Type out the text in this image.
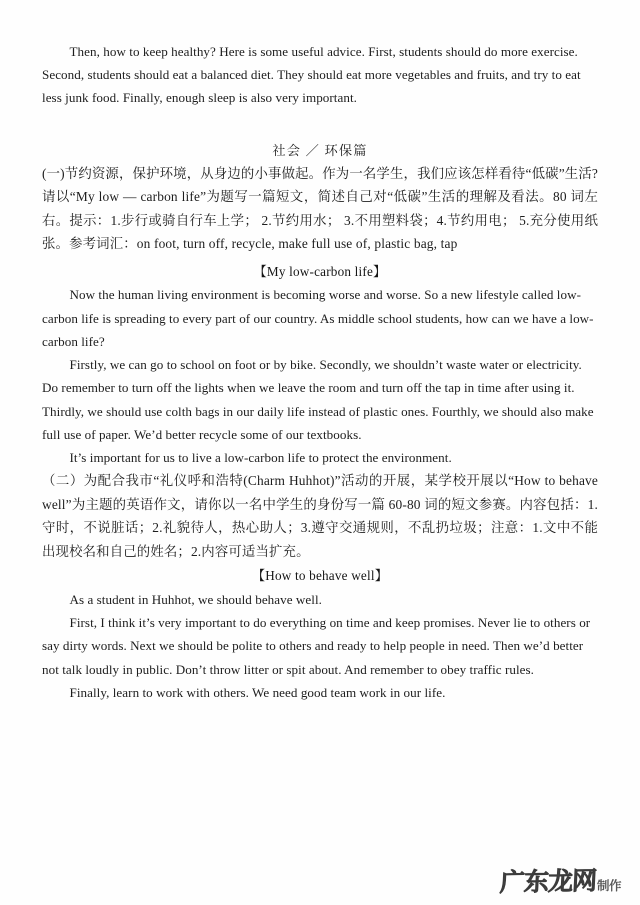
Then, how to keep healthy? Here is some useful advice. First, students should do more exercise. Second, students should eat a balanced diet. They should eat more vegetables and fruits, and try to eat less junk food. Finally, enough sleep is also very important.

社会 ／ 环保篇

(一)节约资源，保护环境，从身边的小事做起。作为一名学生，我们应该怎样看待“低碳”生活?请以“My low — carbon life”为题写一篇短文，简述自己对“低碳”生活的理解及看法。80 词左右。提示：1.步行或骑自行车上学； 2.节约用水； 3.不用塑料袋；4.节约用电； 5.充分使用纸张。参考词汇：on foot, turn off, recycle, make full use of, plastic bag, tap

【My low-carbon life】

Now the human living environment is becoming worse and worse. So a new lifestyle called low-carbon life is spreading to every part of our country. As middle school students, how can we have a low-carbon life?

Firstly, we can go to school on foot or by bike. Secondly, we shouldn’t waste water or electricity. Do remember to turn off the lights when we leave the room and turn off the tap in time after using it. Thirdly, we should use colth bags in our daily life instead of plastic ones. Fourthly, we should also make full use of paper. We’d better recycle some of our textbooks.

It’s important for us to live a low-carbon life to protect the environment.

（二）为配合我市“礼仪呼和浩特(Charm Huhhot)”活动的开展，某学校开展以“How to behave well”为主题的英语作文，请你以一名中学生的身份写一篇 60-80 词的短文参赛。内容包括：1.守时，不说脏话；2.礼貌待人，热心助人；3.遵守交通规则，不乱扔垃圾；注意：1.文中不能出现校名和自己的姓名；2.内容可适当扩充。

【How to behave well】

As a student in Huhhot, we should behave well.

First, I think it’s very important to do everything on time and keep promises. Never lie to others or say dirty words. Next we should be polite to others and ready to help people in need. Then we’d better not talk loudly in public. Don’t throw litter or spit about. And remember to obey traffic rules.

Finally, learn to work with others. We need good team work in our life.

广东龙网 制作
